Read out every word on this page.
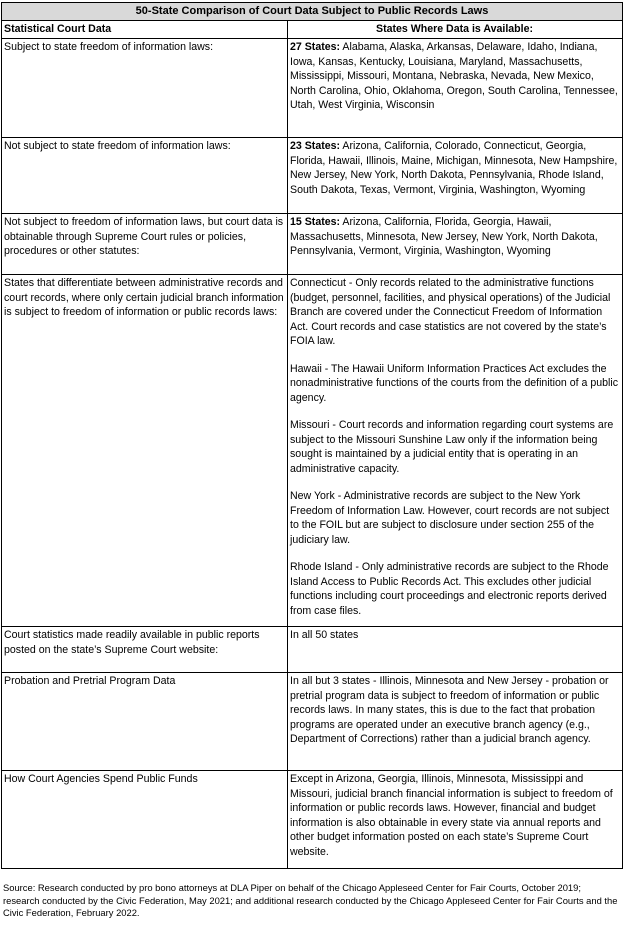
50-State Comparison of Court Data Subject to Public Records Laws	
Statistical Court Data	States Where Data is Available:
Subject to state freedom of information laws:	27 States: Alabama, Alaska, Arkansas, Delaware, Idaho, Indiana, Iowa, Kansas, Kentucky, Louisiana, Maryland, Massachusetts, Mississippi, Missouri, Montana, Nebraska, Nevada, New Mexico, North Carolina, Ohio, Oklahoma, Oregon, South Carolina, Tennessee, Utah, West Virginia, Wisconsin
Not subject to state freedom of information laws:	23 States: Arizona, California, Colorado, Connecticut, Georgia, Florida, Hawaii, Illinois, Maine, Michigan, Minnesota, New Hampshire, New Jersey, New York, North Dakota, Pennsylvania, Rhode Island, South Dakota, Texas, Vermont, Virginia, Washington, Wyoming
Not subject to freedom of information laws, but court data is obtainable through Supreme Court rules or policies, procedures or other statutes:	15 States: Arizona, California, Florida, Georgia, Hawaii, Massachusetts, Minnesota, New Jersey, New York, North Dakota, Pennsylvania, Vermont, Virginia, Washington, Wyoming
States that differentiate between administrative records and court records, where only certain judicial branch information is subject to freedom of information or public records laws:	Connecticut - Only records related to the administrative functions (budget, personnel, facilities, and physical operations) of the Judicial Branch are covered under the Connecticut Freedom of Information Act. Court records and case statistics are not covered by the state’s FOIA law.
Hawaii - The Hawaii Uniform Information Practices Act excludes the nonadministrative functions of the courts from the definition of a public agency.
Missouri - Court records and information regarding court systems are subject to the Missouri Sunshine Law only if the information being sought is maintained by a judicial entity that is operating in an administrative capacity.
New York - Administrative records are subject to the New York Freedom of Information Law. However, court records are not subject to the FOIL but are subject to disclosure under section 255 of the judiciary law.
Rhode Island - Only administrative records are subject to the Rhode Island Access to Public Records Act. This excludes other judicial functions including court proceedings and electronic reports derived from case files.

Court statistics made readily available in public reports posted on the state’s Supreme Court website:	In all 50 states
Probation and Pretrial Program Data	In all but 3 states - Illinois, Minnesota and New Jersey - probation or pretrial program data is subject to freedom of information or public records laws. In many states, this is due to the fact that probation programs are operated under an executive branch agency (e.g., Department of Corrections) rather than a judicial branch agency.
How Court Agencies Spend Public Funds	Except in Arizona, Georgia, Illinois, Minnesota, Mississippi and Missouri, judicial branch financial information is subject to freedom of information or public records laws. However, financial and budget information is also obtainable in every state via annual reports and other budget information posted on each state’s Supreme Court website.
Source: Research conducted by pro bono attorneys at DLA Piper on behalf of the Chicago Appleseed Center for Fair Courts, October 2019; research conducted by the Civic Federation, May 2021; and additional research conducted by the Chicago Appleseed Center for Fair Courts and the Civic Federation, February 2022.
